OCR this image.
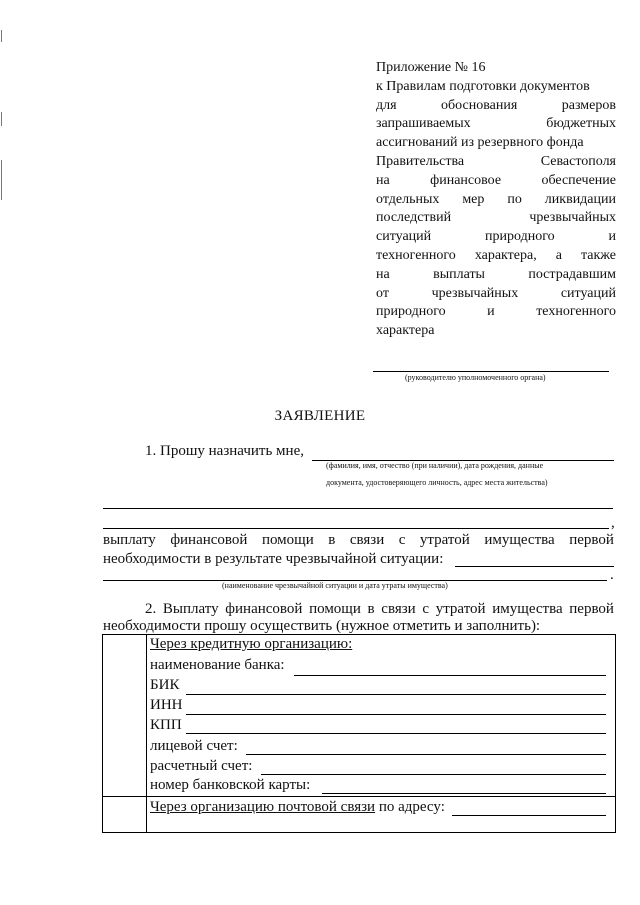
Приложение № 16
к Правилам подготовки документов
для	обоснования	размеров
запрашиваемых	бюджетных
ассигнований из резервного фонда
Правительства	Севастополя
на	финансовое	обеспечение
отдельных мер по ликвидации
последствий	чрезвычайных
ситуаций	природного	и
техногенного характера, а также
на	выплаты	пострадавшим
от	чрезвычайных	ситуаций
природного	и	техногенного
характера
(руководителю уполномоченного органа)
ЗАЯВЛЕНИЕ
1. Прошу назначить мне,
(фамилия, имя, отчество (при наличии), дата рождения, данные
документа, удостоверяющего личность, адрес места жительства)
,
выплату финансовой помощи в связи с утратой имущества первой
необходимости в результате чрезвычайной ситуации:
.
(наименование чрезвычайной ситуации и дата утраты имущества)
2. Выплату финансовой помощи в связи с утратой имущества первой
необходимости прошу осуществить (нужное отметить и заполнить):
Через кредитную организацию:
наименование банка:
БИК
ИНН
КПП
лицевой счет:
расчетный счет:
номер банковской карты:
Через организацию почтовой связи по адресу:
